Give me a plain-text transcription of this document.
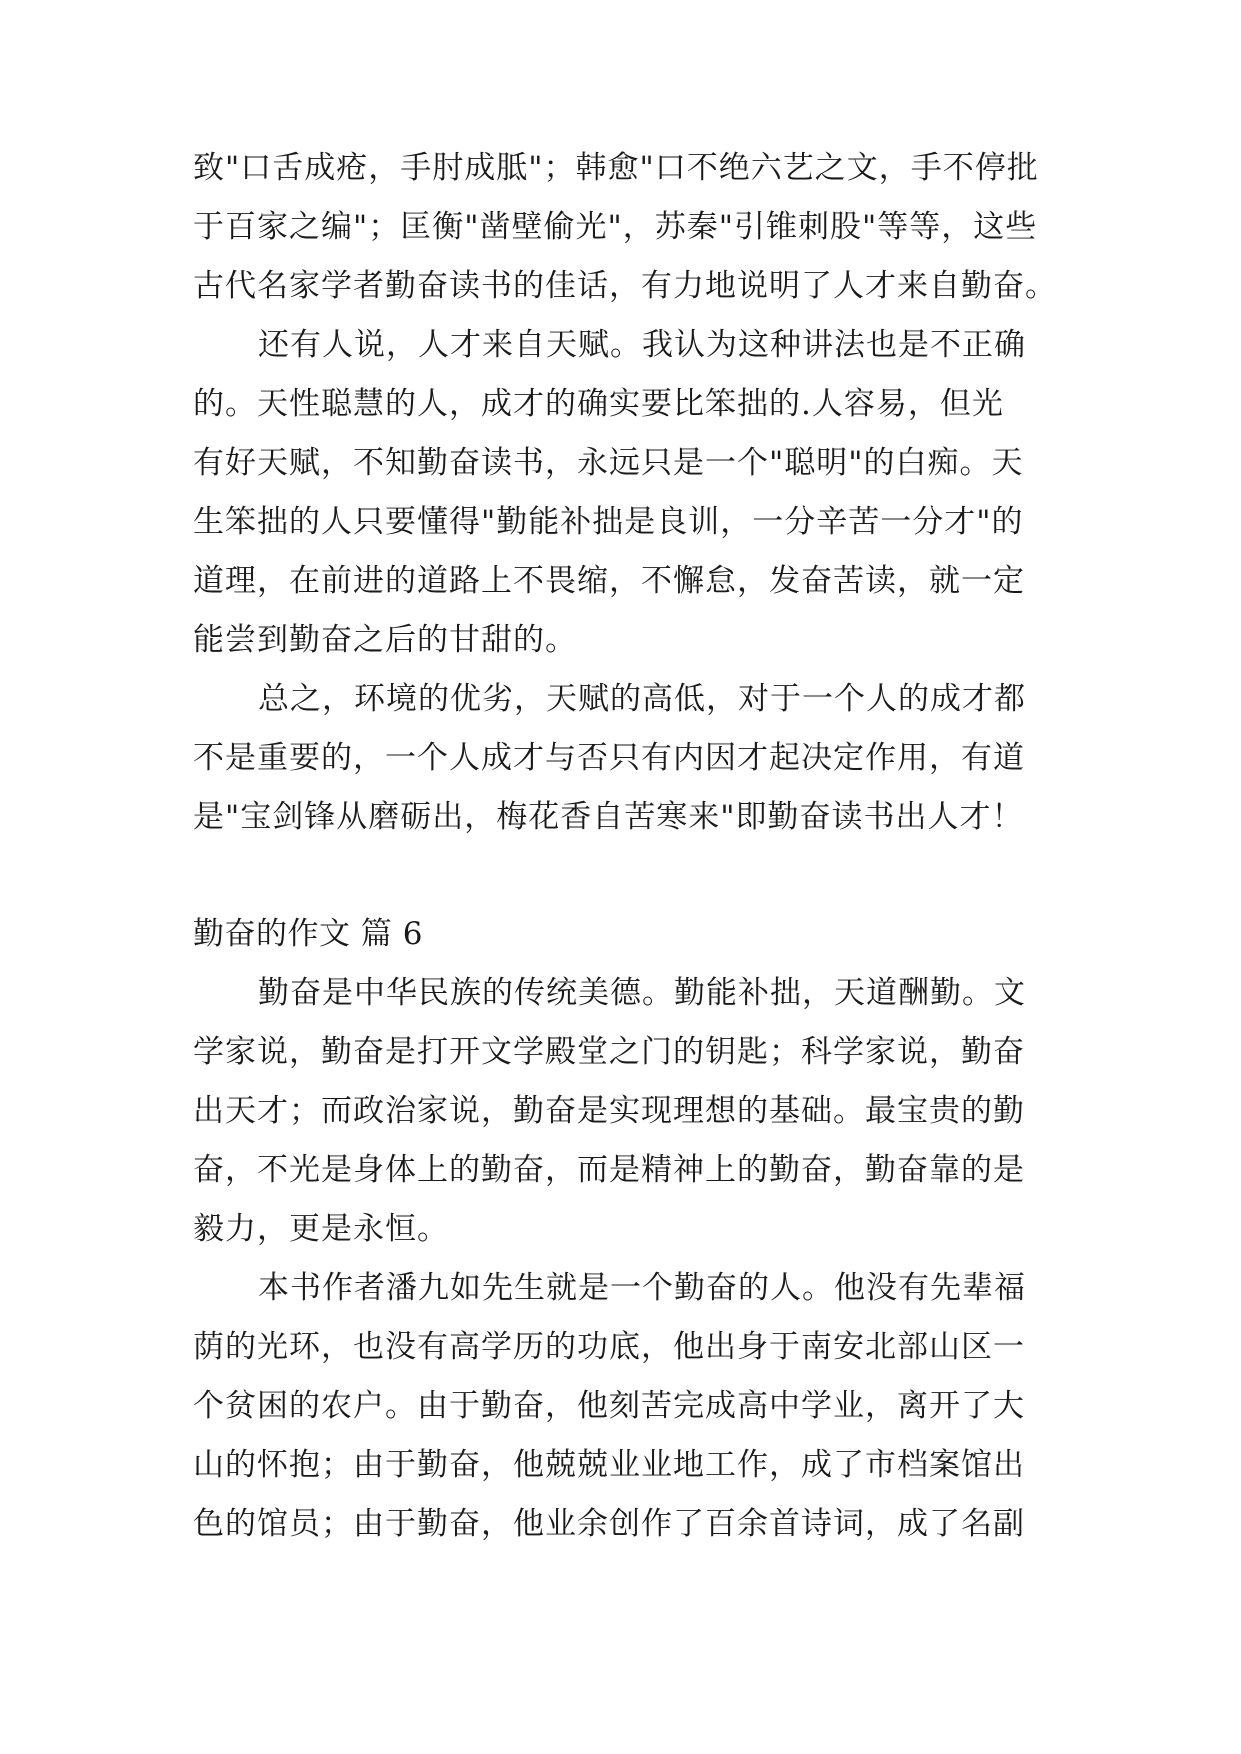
致"口舌成疮，手肘成胝"；韩愈"口不绝六艺之文，手不停批
于百家之编"；匡衡"凿壁偷光"，苏秦"引锥刺股"等等，这些
古代名家学者勤奋读书的佳话，有力地说明了人才来自勤奋。
还有人说，人才来自天赋。我认为这种讲法也是不正确
的。天性聪慧的人，成才的确实要比笨拙的.人容易，但光
有好天赋，不知勤奋读书，永远只是一个"聪明"的白痴。天
生笨拙的人只要懂得"勤能补拙是良训，一分辛苦一分才"的
道理，在前进的道路上不畏缩，不懈怠，发奋苦读，就一定
能尝到勤奋之后的甘甜的。
总之，环境的优劣，天赋的高低，对于一个人的成才都
不是重要的，一个人成才与否只有内因才起决定作用，有道
是"宝剑锋从磨砺出，梅花香自苦寒来"即勤奋读书出人才！
勤奋的作文 篇 6
勤奋是中华民族的传统美德。勤能补拙，天道酬勤。文
学家说，勤奋是打开文学殿堂之门的钥匙；科学家说，勤奋
出天才；而政治家说，勤奋是实现理想的基础。最宝贵的勤
奋，不光是身体上的勤奋，而是精神上的勤奋，勤奋靠的是
毅力，更是永恒。
本书作者潘九如先生就是一个勤奋的人。他没有先辈福
荫的光环，也没有高学历的功底，他出身于南安北部山区一
个贫困的农户。由于勤奋，他刻苦完成高中学业，离开了大
山的怀抱；由于勤奋，他兢兢业业地工作，成了市档案馆出
色的馆员；由于勤奋，他业余创作了百余首诗词，成了名副
